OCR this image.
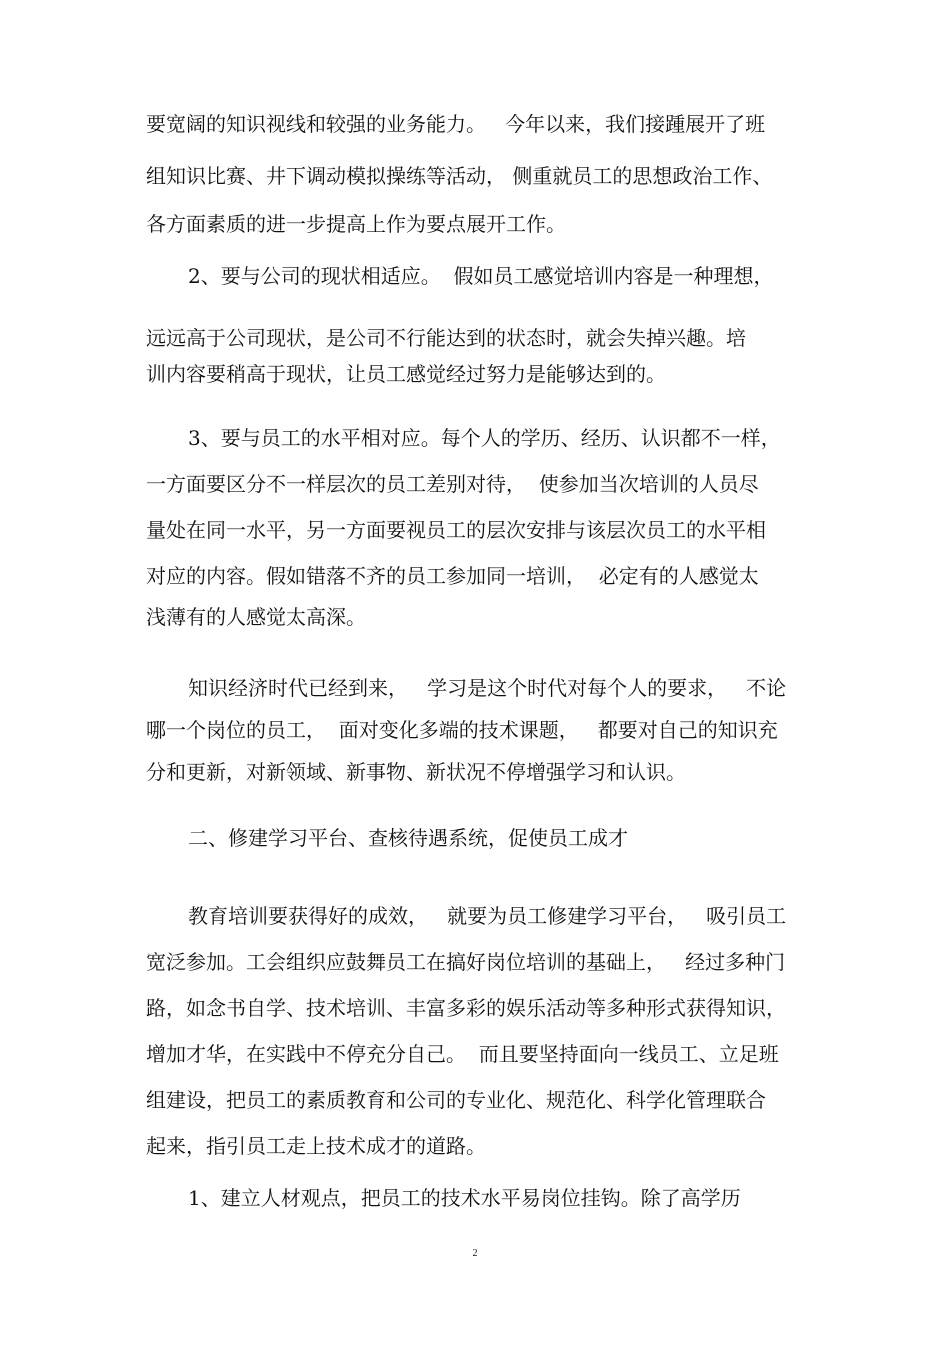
要宽阔的知识视线和较强的业务能力。   今年以来，我们接踵展开了班

组知识比赛、井下调动模拟操练等活动， 侧重就员工的思想政治工作、

各方面素质的进一步提高上作为要点展开工作。

2、要与公司的现状相适应。  假如员工感觉培训内容是一种理想，

远远高于公司现状，是公司不行能达到的状态时，就会失掉兴趣。培

训内容要稍高于现状，让员工感觉经过努力是能够达到的。

3、要与员工的水平相对应。每个人的学历、经历、认识都不一样，

一方面要区分不一样层次的员工差别对待，  使参加当次培训的人员尽

量处在同一水平，另一方面要视员工的层次安排与该层次员工的水平相

对应的内容。假如错落不齐的员工参加同一培训，  必定有的人感觉太

浅薄有的人感觉太高深。

知识经济时代已经到来，   学习是这个时代对每个人的要求，   不论

哪一个岗位的员工，  面对变化多端的技术课题，   都要对自己的知识充

分和更新，对新领域、新事物、新状况不停增强学习和认识。

二、修建学习平台、查核待遇系统，促使员工成才

教育培训要获得好的成效，   就要为员工修建学习平台，   吸引员工

宽泛参加。工会组织应鼓舞员工在搞好岗位培训的基础上，   经过多种门

路，如念书自学、技术培训、丰富多彩的娱乐活动等多种形式获得知识，

增加才华，在实践中不停充分自己。  而且要坚持面向一线员工、立足班

组建设，把员工的素质教育和公司的专业化、规范化、科学化管理联合

起来，指引员工走上技术成才的道路。

1、建立人材观点，把员工的技术水平易岗位挂钩。除了高学历

2
